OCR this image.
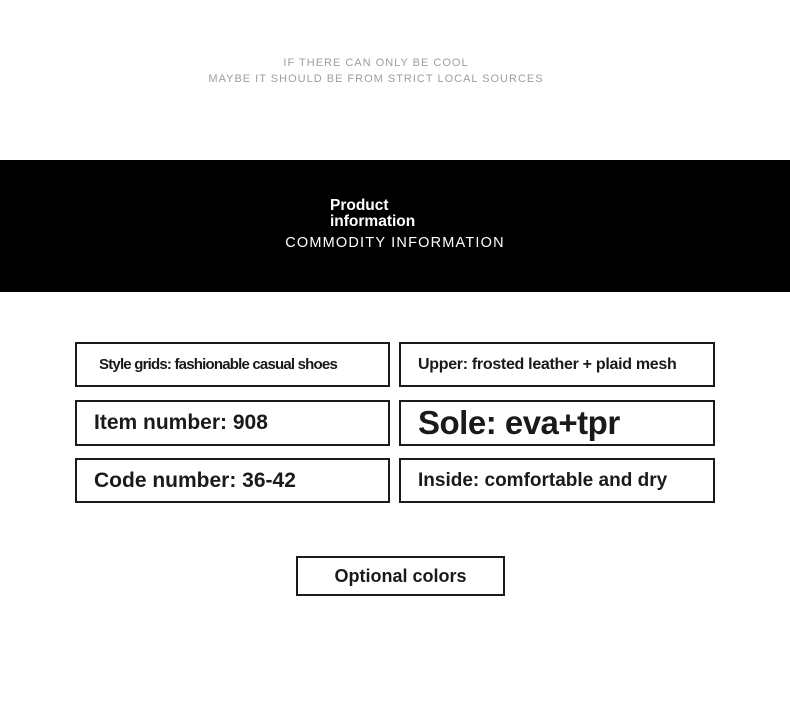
IF THERE CAN ONLY BE COOL
MAYBE IT SHOULD BE FROM STRICT LOCAL SOURCES
Product
information
COMMODITY INFORMATION
Style grids: fashionable casual shoes	Upper: frosted leather + plaid mesh
Item number: 908	Sole: eva+tpr
Code number: 36-42	Inside: comfortable and dry
Optional colors
